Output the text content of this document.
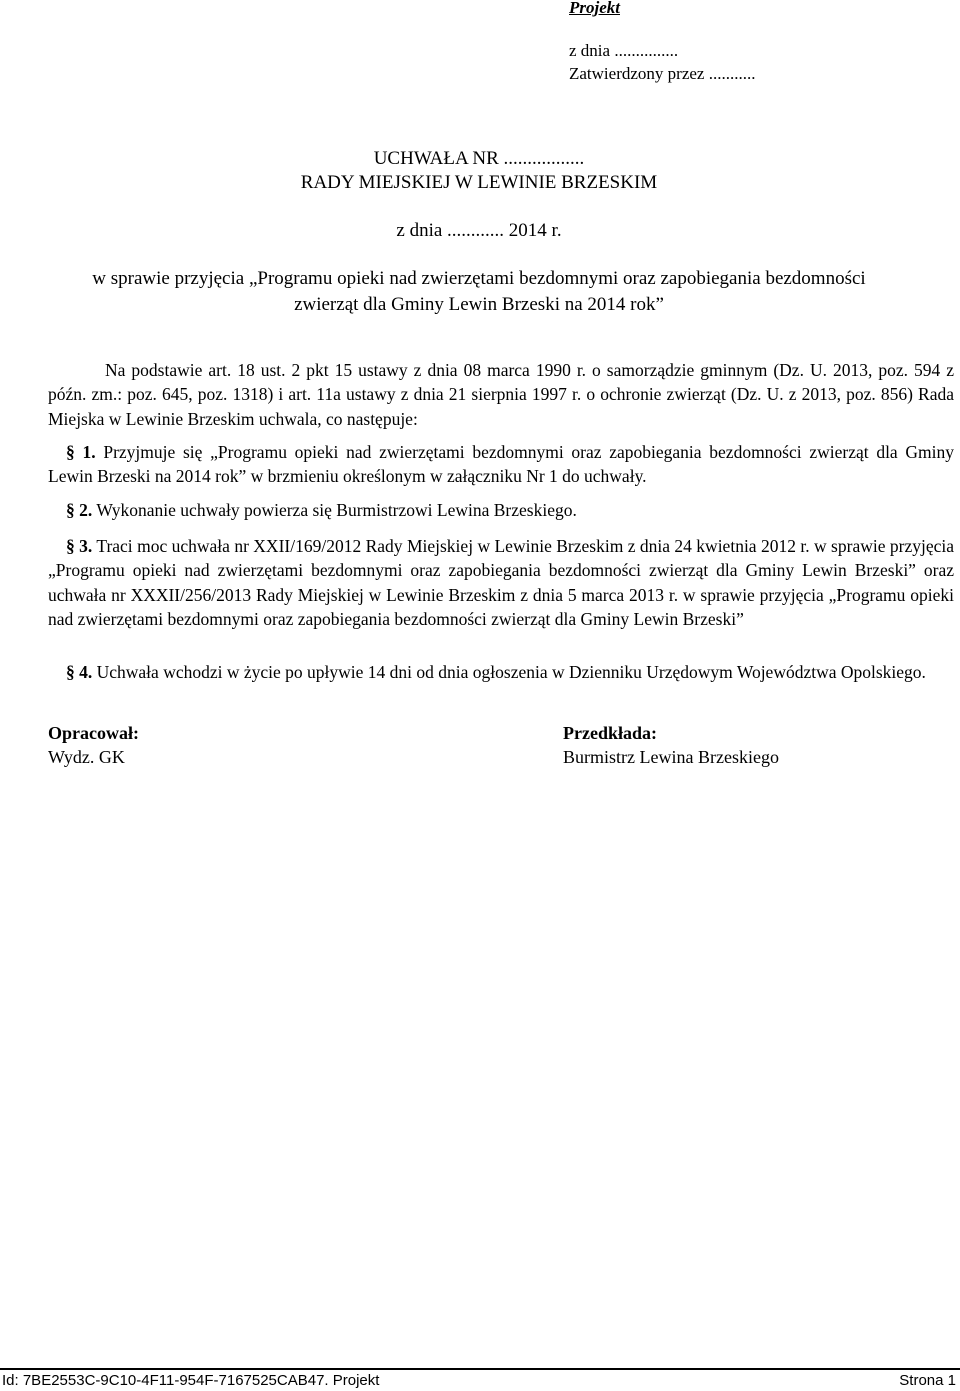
Projekt
z dnia ...............
Zatwierdzony przez ...........
UCHWAŁA NR .................
RADY MIEJSKIEJ W LEWINIE BRZESKIM
z dnia ............ 2014 r.
w sprawie przyjęcia „Programu opieki nad zwierzętami bezdomnymi oraz zapobiegania bezdomności
zwierząt dla Gminy Lewin Brzeski na 2014 rok”
Na podstawie art. 18 ust. 2 pkt 15 ustawy z dnia 08 marca 1990 r. o samorządzie gminnym (Dz. U. 2013, poz. 594 z późn. zm.: poz. 645, poz. 1318) i art. 11a ustawy z dnia 21 sierpnia 1997 r. o ochronie zwierząt (Dz. U. z 2013, poz. 856) Rada Miejska w Lewinie Brzeskim uchwala, co następuje:
§ 1. Przyjmuje się „Programu opieki nad zwierzętami bezdomnymi oraz zapobiegania bezdomności zwierząt dla Gminy Lewin Brzeski na 2014 rok” w brzmieniu określonym w załączniku Nr 1 do uchwały.
§ 2. Wykonanie uchwały powierza się Burmistrzowi Lewina Brzeskiego.
§ 3. Traci moc uchwała nr XXII/169/2012 Rady Miejskiej w Lewinie Brzeskim z dnia 24 kwietnia 2012 r. w sprawie przyjęcia „Programu opieki nad zwierzętami bezdomnymi oraz zapobiegania bezdomności zwierząt dla Gminy Lewin Brzeski” oraz uchwała nr XXXII/256/2013 Rady Miejskiej w Lewinie Brzeskim z dnia 5 marca 2013 r. w sprawie przyjęcia „Programu opieki nad zwierzętami bezdomnymi oraz zapobiegania bezdomności zwierząt dla Gminy Lewin Brzeski”
§ 4. Uchwała wchodzi w życie po upływie 14 dni od dnia ogłoszenia w Dzienniku Urzędowym Województwa Opolskiego.
Opracował:
Wydz. GK
Przedkłada:
Burmistrz Lewina Brzeskiego
Id: 7BE2553C-9C10-4F11-954F-7167525CAB47. Projekt	Strona 1
